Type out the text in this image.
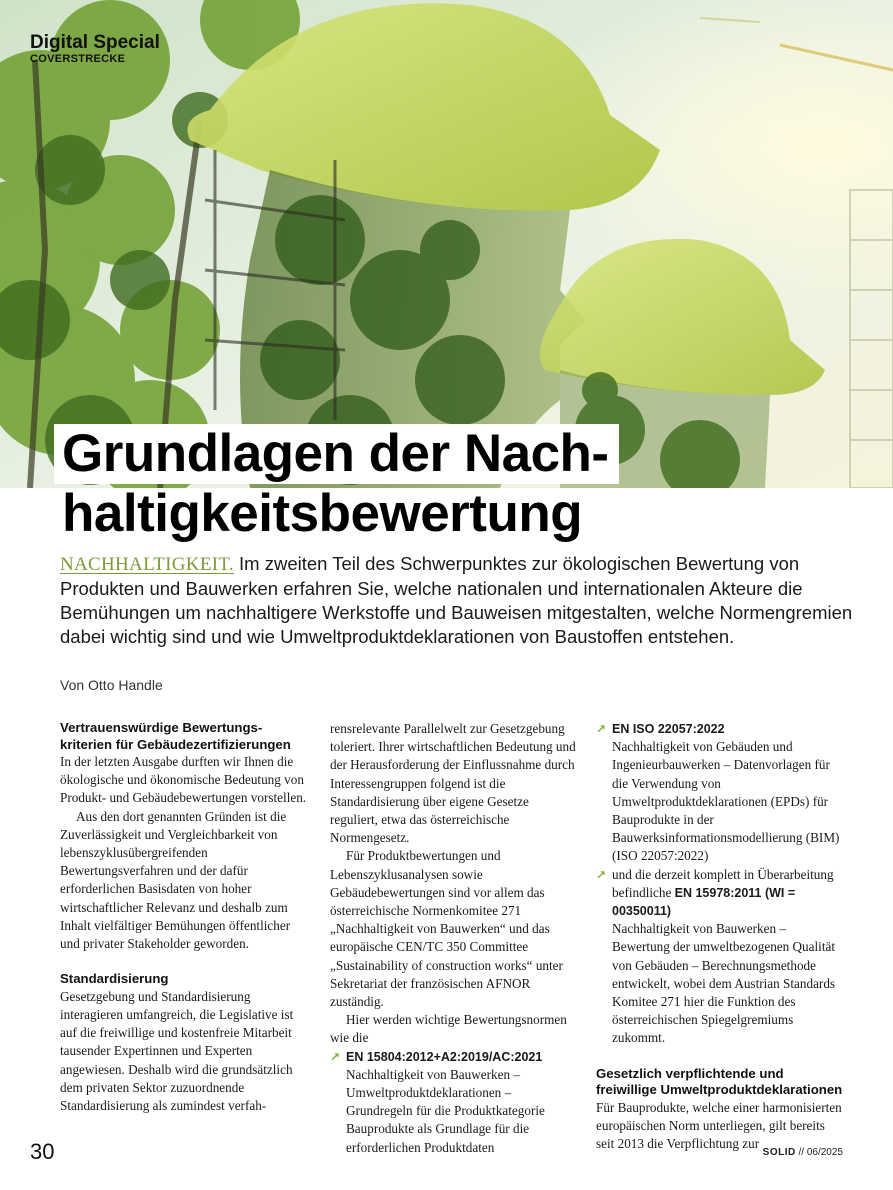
Digital Special
COVERSTRECKE
Grundlagen der Nach-
haltigkeitsbewertung
NACHHALTIGKEIT. Im zweiten Teil des Schwerpunktes zur ökologischen Bewertung von Produkten und Bauwerken erfahren Sie, welche nationalen und internationalen Akteure die Bemühungen um nachhaltigere Werkstoffe und Bauweisen mitgestalten, welche Normengremien dabei wichtig sind und wie Umweltproduktdeklarationen von Baustoffen entstehen.
Von Otto Handle
Vertrauenswürdige Bewertungs-kriterien für Gebäudezertifizierungen

In der letzten Ausgabe durften wir Ihnen die ökologische und ökonomische Bedeutung von Produkt- und Gebäudebewertungen vorstellen.

Aus den dort genannten Gründen ist die Zuverlässigkeit und Vergleichbarkeit von lebenszyklusübergreifenden Bewertungsverfahren und der dafür erforderlichen Basisdaten von hoher wirtschaftlicher Relevanz und deshalb zum Inhalt vielfältiger Bemühungen öffentlicher und privater Stakeholder geworden.

Standardisierung

Gesetzgebung und Standardisierung interagieren umfangreich, die Legislative ist auf die freiwillige und kostenfreie Mitarbeit tausender Expertinnen und Experten angewiesen. Deshalb wird die grundsätzlich dem privaten Sektor zuzuordnende Standardisierung als zumindest verfah-

rensrelevante Parallelwelt zur Gesetzgebung toleriert. Ihrer wirtschaftlichen Bedeutung und der Herausforderung der Einflussnahme durch Interessengruppen folgend ist die Standardisierung über eigene Gesetze reguliert, etwa das österreichische Normengesetz.

Für Produktbewertungen und Lebenszyklusanalysen sowie Gebäudebewertungen sind vor allem das österreichische Normenkomitee 271 „Nachhaltigkeit von Bauwerken“ und das europäische CEN/TC 350 Committee „Sustainability of construction works“ unter Sekretariat der französischen AFNOR zuständig.

Hier werden wichtige Bewertungsnormen wie die

↗ EN 15804:2012+A2:2019/AC:2021
Nachhaltigkeit von Bauwerken – Umweltproduktdeklarationen – Grundregeln für die Produktkategorie Bauprodukte als Grundlage für die erforderlichen Produktdaten
↗ EN ISO 22057:2022
Nachhaltigkeit von Gebäuden und Ingenieurbauwerken – Datenvorlagen für die Verwendung von Umweltproduktdeklarationen (EPDs) für Bauprodukte in der Bauwerksinformationsmodellierung (BIM) (ISO 22057:2022)
↗ und die derzeit komplett in Überarbeitung befindliche EN 15978:2011 (WI = 00350011)
Nachhaltigkeit von Bauwerken – Bewertung der umweltbezogenen Qualität von Gebäuden – Berechnungsmethode entwickelt, wobei dem Austrian Standards Komitee 271 hier die Funktion des österreichischen Spiegelgremiums zukommt.
Gesetzlich verpflichtende und freiwillige Umweltproduktdeklarationen

Für Bauprodukte, welche einer harmonisierten europäischen Norm unterliegen, gilt bereits seit 2013 die Verpflichtung zur

30	SOLID // 06/2025
